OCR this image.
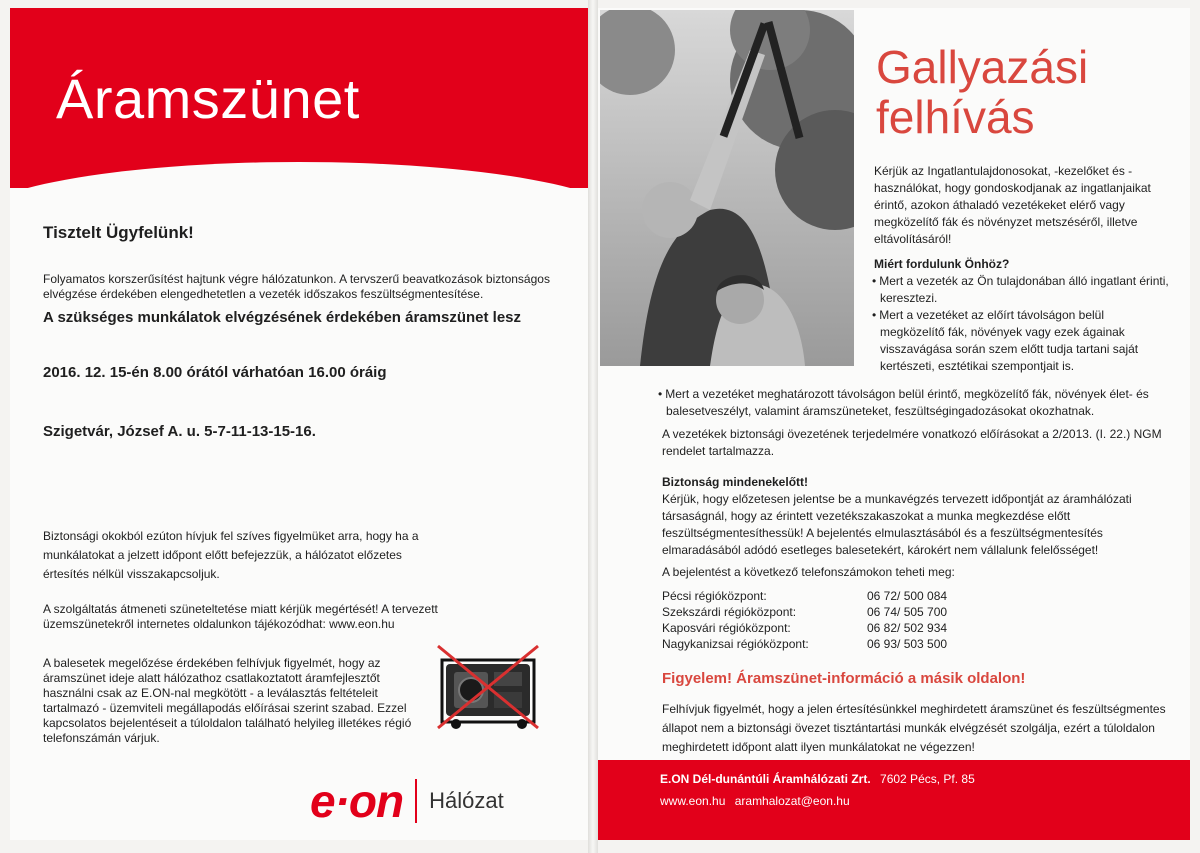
Áramszünet
Tisztelt Ügyfelünk!

Folyamatos korszerűsítést hajtunk végre hálózatunkon. A tervszerű beavatkozások biztonságos elvégzése érdekében elengedhetetlen a vezeték időszakos feszültségmentesítése.

A szükséges munkálatok elvégzésének érdekében áramszünet lesz

2016. 12. 15-én 8.00 órától várhatóan 16.00 óráig

Szigetvár, József A. u. 5-7-11-13-15-16.

Biztonsági okokból ezúton hívjuk fel szíves figyelmüket arra, hogy ha a munkálatokat a jelzett időpont előtt befejezzük, a hálózatot előzetes értesítés nélkül visszakapcsoljuk.

A szolgáltatás átmeneti szüneteltetése miatt kérjük megértését! A tervezett üzemszünetekről internetes oldalunkon tájékozódhat: www.eon.hu

A balesetek megelőzése érdekében felhívjuk figyelmét, hogy az áramszünet ideje alatt hálózathoz csatlakoztatott áramfejlesztőt használni csak az E.ON-nal megkötött - a leválasztás feltételeit tartalmazó - üzemviteli megállapodás előírásai szerint szabad. Ezzel kapcsolatos bejelentéseit a túloldalon található helyileg illetékes régió telefonszámán várjuk.

e·on Hálózat
Gallyazási
felhívás

Kérjük az Ingatlantulajdonosokat, -kezelőket és -használókat, hogy gondoskodjanak az ingatlanjaikat érintő, azokon áthaladó vezetékeket elérő vagy megközelítő fák és növényzet metszéséről, illetve eltávolításáról!

Miért fordulunk Önhöz?

• Mert a vezeték az Ön tulajdonában álló ingatlant érinti, keresztezi.
• Mert a vezetéket az előírt távolságon belül megközelítő fák, növények vagy ezek ágainak visszavágása során szem előtt tudja tartani saját kertészeti, esztétikai szempontjait is.
• Mert a vezetéket meghatározott távolságon belül érintő, megközelítő fák, növények élet- és balesetveszélyt, valamint áramszüneteket, feszültségingadozásokat okozhatnak.

A vezetékek biztonsági övezetének terjedelmére vonatkozó előírásokat a 2/2013. (I. 22.) NGM rendelet tartalmazza.

Biztonság mindenekelőtt!

Kérjük, hogy előzetesen jelentse be a munkavégzés tervezett időpontját az áramhálózati társaságnál, hogy az érintett vezetékszakaszokat a munka megkezdése előtt feszültségmentesíthessük! A bejelentés elmulasztásából és a feszültségmentesítés elmaradásából adódó esetleges balesetekért, károkért nem vállalunk felelősséget!

A bejelentést a következő telefonszámokon teheti meg:

Pécsi régióközpont:	06 72/ 500 084
Szekszárdi régióközpont:	06 74/ 505 700
Kaposvári régióközpont:	06 82/ 502 934
Nagykanizsai régióközpont:	06 93/ 503 500

Figyelem! Áramszünet-információ a másik oldalon!

Felhívjuk figyelmét, hogy a jelen értesítésünkkel meghirdetett áramszünet és feszültségmentes állapot nem a biztonsági övezet tisztántartási munkák elvégzését szolgálja, ezért a túloldalon meghirdetett időpont alatt ilyen munkálatokat ne végezzen!

E.ON Dél-dunántúli Áramhálózati Zrt. 7602 Pécs, Pf. 85
www.eon.hu aramhalozat@eon.hu
